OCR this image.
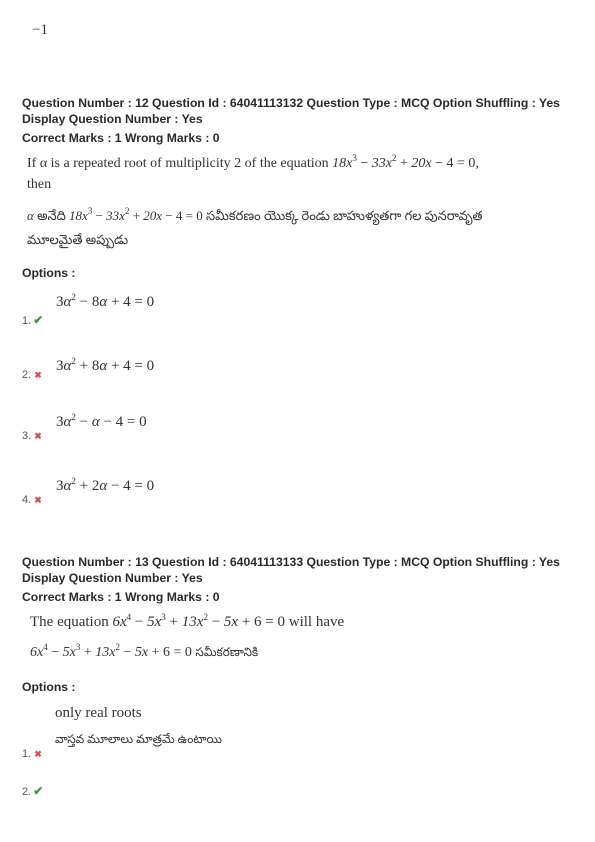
−1
Question Number : 12 Question Id : 64041113132 Question Type : MCQ Option Shuffling : Yes
Display Question Number : Yes
Correct Marks : 1 Wrong Marks : 0
If α is a repeated root of multiplicity 2 of the equation $18x^3 - 33x^2 + 20x - 4 = 0$,
then
α అనేది $18x^3 - 33x^2 + 20x - 4 = 0$ సమీకరణం యొక్క రెండు బాహుళ్యతగా గల పునరావృత
మూలమైతే అప్పుడు
Options :
$3\alpha^2 - 8\alpha + 4 = 0$
1. ✔
$3\alpha^2 + 8\alpha + 4 = 0$
2. ✖
$3\alpha^2 - \alpha - 4 = 0$
3. ✖
$3\alpha^2 + 2\alpha - 4 = 0$
4. ✖
Question Number : 13 Question Id : 64041113133 Question Type : MCQ Option Shuffling : Yes
Display Question Number : Yes
Correct Marks : 1 Wrong Marks : 0
The equation $6x^4 - 5x^3 + 13x^2 - 5x + 6 = 0$ will have
$6x^4 - 5x^3 + 13x^2 - 5x + 6 = 0$ సమీకరణానికి
Options :
only real roots
వాస్తవ మూలాలు మాత్రమే ఉంటాయి
1. ✖
2. ✔
